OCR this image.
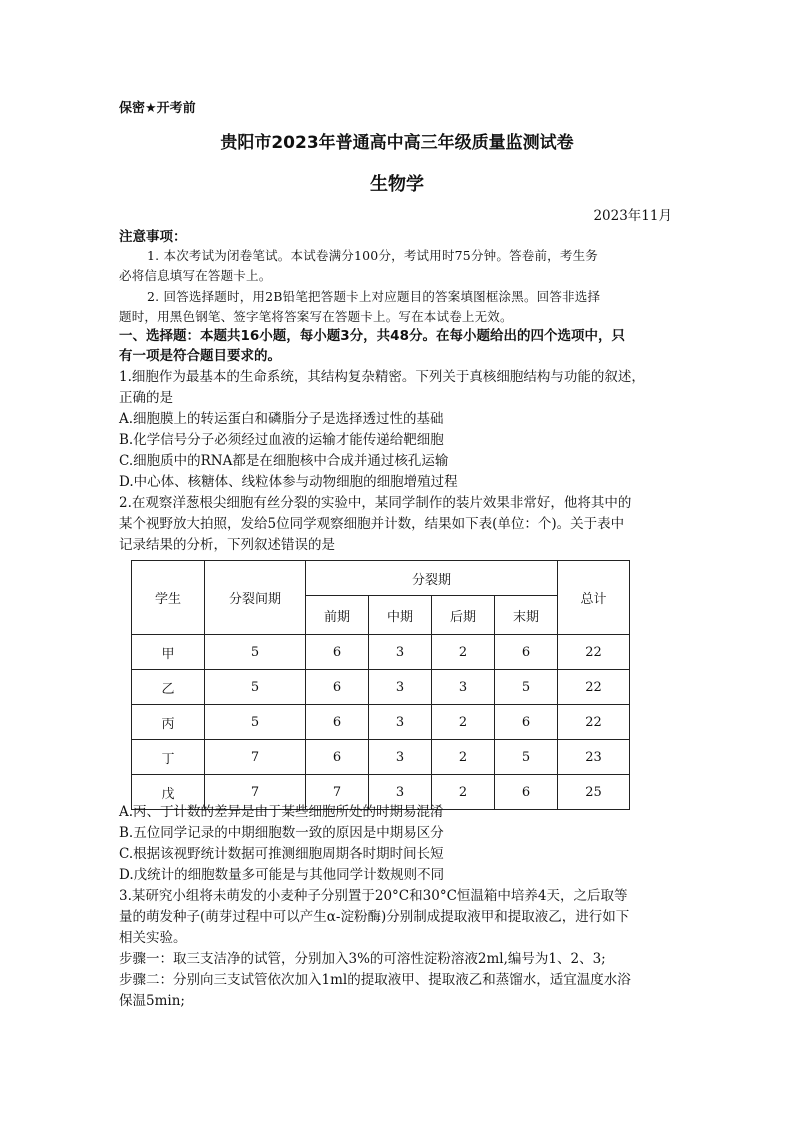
保密★开考前
贵阳市2023年普通高中高三年级质量监测试卷
生物学
2023年11月
注意事项：
1. 本次考试为闭卷笔试。本试卷满分100分，考试用时75分钟。答卷前，考生务
必将信息填写在答题卡上。
2. 回答选择题时，用2B铅笔把答题卡上对应题目的答案填图框涂黑。回答非选择
题时，用黑色钢笔、签字笔将答案写在答题卡上。写在本试卷上无效。
一、选择题：本题共16小题，每小题3分，共48分。在每小题给出的四个选项中，只
有一项是符合题目要求的。
1.细胞作为最基本的生命系统，其结构复杂精密。下列关于真核细胞结构与功能的叙述，
正确的是
A.细胞膜上的转运蛋白和磷脂分子是选择透过性的基础
B.化学信号分子必须经过血液的运输才能传递给靶细胞
C.细胞质中的RNA都是在细胞核中合成并通过核孔运输
D.中心体、核糖体、线粒体参与动物细胞的细胞增殖过程
2.在观察洋葱根尖细胞有丝分裂的实验中，某同学制作的装片效果非常好，他将其中的
某个视野放大拍照，发给5位同学观察细胞并计数，结果如下表(单位：个)。关于表中
记录结果的分析，下列叙述错误的是
学生	分裂间期	分裂期				总计
		前期	中期	后期	末期	
甲	5	6	3	2	6	22
乙	5	6	3	3	5	22
丙	5	6	3	2	6	22
丁	7	6	3	2	5	23
戊	7	7	3	2	6	25
A.丙、丁计数的差异是由于某些细胞所处的时期易混淆
B.五位同学记录的中期细胞数一致的原因是中期易区分
C.根据该视野统计数据可推测细胞周期各时期时间长短
D.戊统计的细胞数量多可能是与其他同学计数规则不同
3.某研究小组将未萌发的小麦种子分别置于20°C和30°C恒温箱中培养4天，之后取等
量的萌发种子(萌芽过程中可以产生α-淀粉酶)分别制成提取液甲和提取液乙，进行如下
相关实验。
步骤一：取三支洁净的试管，分别加入3%的可溶性淀粉溶液2ml,编号为1、2、3;
步骤二：分别向三支试管依次加入1ml的提取液甲、提取液乙和蒸馏水，适宜温度水浴
保温5min;
